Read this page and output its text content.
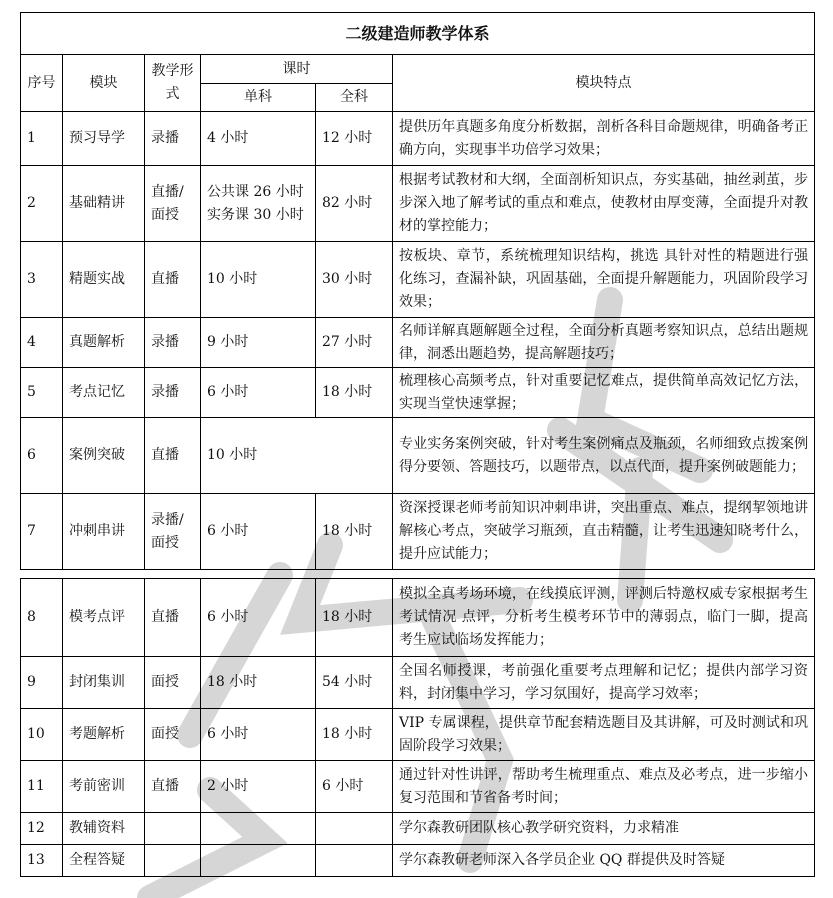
二级建造师教学体系					
序号	模块	教学形式	课时		模块特点
			单科	全科	
1	预习导学	录播	4 小时	12 小时	提供历年真题多角度分析数据，剖析各科目命题规律，明确备考正确方向，实现事半功倍学习效果；
2	基础精讲	直播/面授	公共课 26 小时 实务课 30 小时	82 小时	根据考试教材和大纲，全面剖析知识点，夯实基础，抽丝剥茧，步步深入地了解考试的重点和难点，使教材由厚变薄，全面提升对教材的掌控能力；
3	精题实战	直播	10 小时	30 小时	按板块、章节，系统梳理知识结构，挑选 具针对性的精题进行强化练习，查漏补缺，巩固基础，全面提升解题能力，巩固阶段学习效果；
4	真题解析	录播	9 小时	27 小时	名师详解真题解题全过程，全面分析真题考察知识点，总结出题规律，洞悉出题趋势，提高解题技巧；
5	考点记忆	录播	6 小时	18 小时	梳理核心高频考点，针对重要记忆难点，提供简单高效记忆方法，实现当堂快速掌握；
6	案例突破	直播	10 小时		专业实务案例突破，针对考生案例痛点及瓶颈，名师细致点拨案例得分要领、答题技巧，以题带点，以点代面，提升案例破题能力；
7	冲刺串讲	录播/面授	6 小时	18 小时	资深授课老师考前知识冲刺串讲，突出重点、难点，提纲挈领地讲解核心考点，突破学习瓶颈，直击精髓，让考生迅速知晓考什么，提升应试能力；
8	模考点评	直播	6 小时	18 小时	模拟全真考场环境，在线摸底评测，评测后特邀权威专家根据考生考试情况 点评，分析考生模考环节中的薄弱点，临门一脚，提高考生应试临场发挥能力；
9	封闭集训	面授	18 小时	54 小时	全国名师授课，考前强化重要考点理解和记忆；提供内部学习资料，封闭集中学习，学习氛围好，提高学习效率；
10	考题解析	面授	6 小时	18 小时	VIP 专属课程，提供章节配套精选题目及其讲解，可及时测试和巩固阶段学习效果；
11	考前密训	直播	2 小时	6 小时	通过针对性讲评，帮助考生梳理重点、难点及必考点，进一步缩小复习范围和节省备考时间；
12	教辅资料				学尔森教研团队核心教学研究资料，力求精准
13	全程答疑				学尔森教研老师深入各学员企业 QQ 群提供及时答疑
